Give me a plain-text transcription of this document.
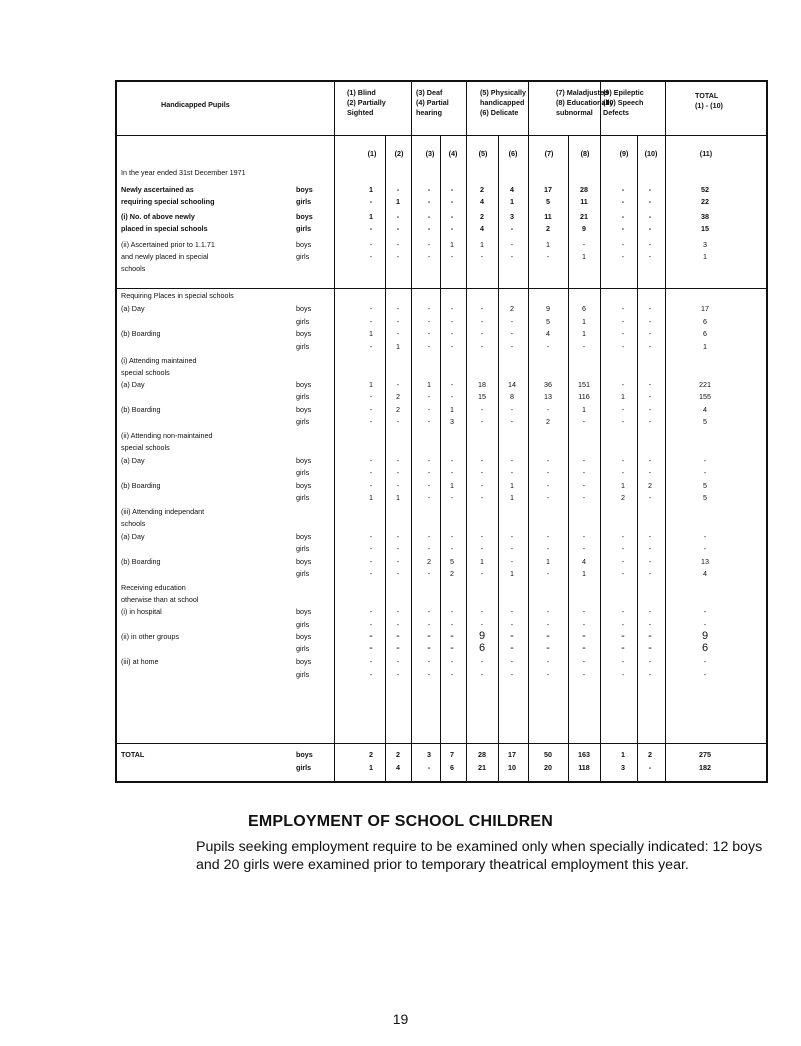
Handicapped Pupils
(1) Blind
(2) Partially
Sighted
(3) Deaf
(4) Partial
hearing
(5) Physically
handicapped
(6) Delicate
(7) Maladjusted
(8) Educationally
subnormal
(9) Epileptic
(10) Speech
Defects
TOTAL
(1) - (10)
(1)	(2)	(3)	(4)	(5)	(6)	(7)	(8)	(9)	(10)	(11)
In the year ended 31st December 1971
Newly ascertained as	boys	1	-	-	-	2	4	17	28	-	-	52
requiring special schooling	girls	-	1	-	-	4	1	5	11	-	-	22
(i) No. of above newly	boys	1	-	-	-	2	3	11	21	-	-	38
placed in special schools	girls	-	-	-	-	4	-	2	9	-	-	15
(ii) Ascertained prior to 1.1.71	boys	-	-	-	1	1	-	1	-	-	-	3
and newly placed in special	girls	-	-	-	-	-	-	-	1	-	-	1
schools
Requiring Places in special schools
(a) Day	boys	-	-	-	-	-	2	9	6	-	-	17
girls	-	-	-	-	-	-	5	1	-	-	6
(b) Boarding	boys	1	-	-	-	-	-	4	1	-	-	6
girls	-	1	-	-	-	-	-	-	-	-	1
(i) Attending maintained
special schools
(a) Day	boys	1	-	1	-	18	14	36	151	-	-	221
girls	-	2	-	-	15	8	13	116	1	-	155
(b) Boarding	boys	-	2	-	1	-	-	-	1	-	-	4
girls	-	-	-	3	-	-	2	-	-	-	5
(ii) Attending non-maintained
special schools
(a) Day	boys	-	-	-	-	-	-	-	-	-	-	-
girls	-	-	-	-	-	-	-	-	-	-	-
(b) Boarding	boys	-	-	-	1	-	1	-	-	1	2	5
girls	1	1	-	-	-	1	-	-	2	-	5
(iii) Attending independant
schools
(a) Day	boys	-	-	-	-	-	-	-	-	-	-	-
girls	-	-	-	-	-	-	-	-	-	-	-
(b) Boarding	boys	-	-	2	5	1	-	1	4	-	-	13
girls	-	-	-	2	-	1	-	1	-	-	4
Receiving education
otherwise than at school
(i) in hospital	boys	-	-	-	-	-	-	-	-	-	-	-
girls	-	-	-	-	-	-	-	-	-	-	-
(ii) in other groups	boys	-	-	-	-	9	-	-	-	-	-	9
girls	-	-	-	-	6	-	-	-	-	-	6
(iii) at home	boys	-	-	-	-	-	-	-	-	-	-	-
girls	-	-	-	-	-	-	-	-	-	-	-
TOTAL	boys	2	2	3	7	28	17	50	163	1	2	275
girls	1	4	-	6	21	10	20	118	3	-	182
EMPLOYMENT OF SCHOOL CHILDREN
Pupils seeking employment require to be examined only when specially indicated: 12 boys and 20 girls were examined prior to temporary theatrical employment this year.
19
